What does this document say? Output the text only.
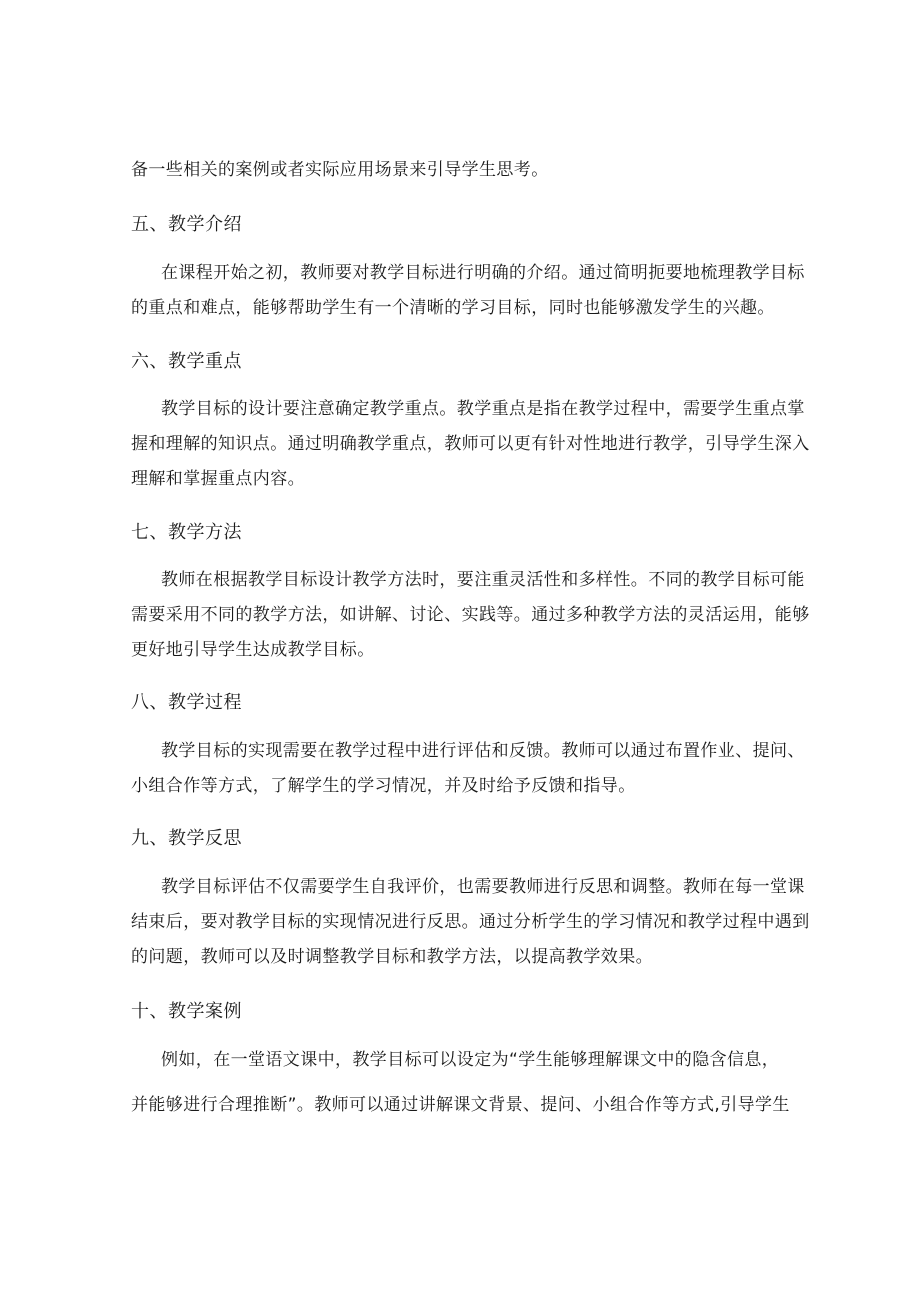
备一些相关的案例或者实际应用场景来引导学生思考。
五、教学介绍
在课程开始之初，教师要对教学目标进行明确的介绍。通过简明扼要地梳理教学目标
的重点和难点，能够帮助学生有一个清晰的学习目标，同时也能够激发学生的兴趣。
六、教学重点
教学目标的设计要注意确定教学重点。教学重点是指在教学过程中，需要学生重点掌
握和理解的知识点。通过明确教学重点，教师可以更有针对性地进行教学，引导学生深入
理解和掌握重点内容。
七、教学方法
教师在根据教学目标设计教学方法时，要注重灵活性和多样性。不同的教学目标可能
需要采用不同的教学方法，如讲解、讨论、实践等。通过多种教学方法的灵活运用，能够
更好地引导学生达成教学目标。
八、教学过程
教学目标的实现需要在教学过程中进行评估和反馈。教师可以通过布置作业、提问、
小组合作等方式，了解学生的学习情况，并及时给予反馈和指导。
九、教学反思
教学目标评估不仅需要学生自我评价，也需要教师进行反思和调整。教师在每一堂课
结束后，要对教学目标的实现情况进行反思。通过分析学生的学习情况和教学过程中遇到
的问题，教师可以及时调整教学目标和教学方法，以提高教学效果。
十、教学案例
例如，在一堂语文课中，教学目标可以设定为“学生能够理解课文中的隐含信息，
并能够进行合理推断”。教师可以通过讲解课文背景、提问、小组合作等方式,引导学生
